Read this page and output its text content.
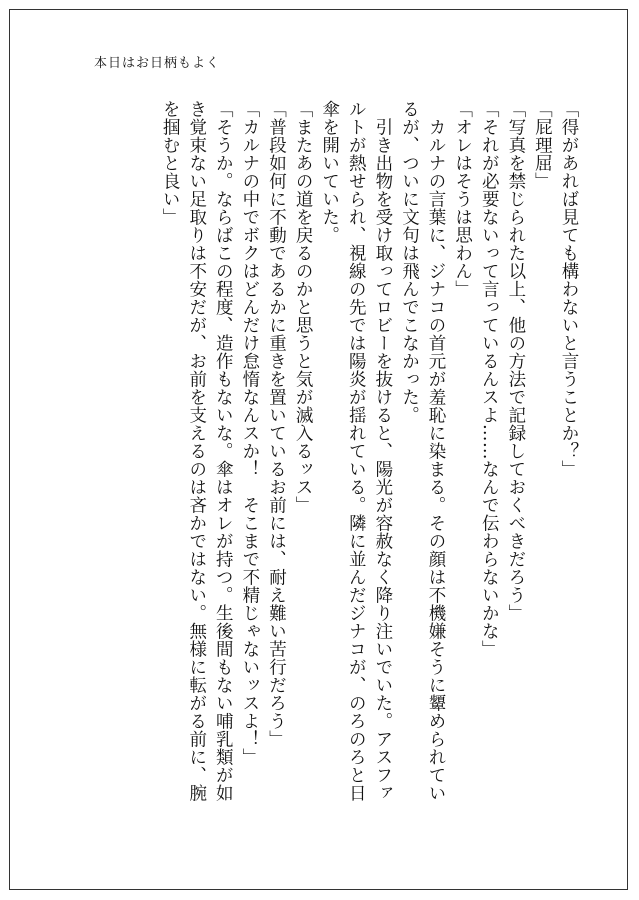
本日はお日柄もよく
「得があれば見ても構わないと言うことか？」
「屁理屈」
「写真を禁じられた以上、他の方法で記録しておくべきだろう」
「それが必要ないって言っているんスよ……なんで伝わらないかな」
「オレはそうは思わん」
　カルナの言葉に、ジナコの首元が羞恥に染まる。その顔は不機嫌そうに顰められてい
るが、ついに文句は飛んでこなかった。
　引き出物を受け取ってロビーを抜けると、陽光が容赦なく降り注いでいた。アスファ
ルトが熱せられ、視線の先では陽炎が揺れている。隣に並んだジナコが、のろのろと日
傘を開いていた。
「またあの道を戻るのかと思うと気が滅入るッス」
「普段如何に不動であるかに重きを置いているお前には、耐え難い苦行だろう」
「カルナの中でボクはどんだけ怠惰なんスか！　そこまで不精じゃないッスよ！」
「そうか。ならばこの程度、造作もないな。傘はオレが持つ。生後間もない哺乳類が如
き覚束ない足取りは不安だが、お前を支えるのは吝かではない。無様に転がる前に、腕
を掴むと良い」
